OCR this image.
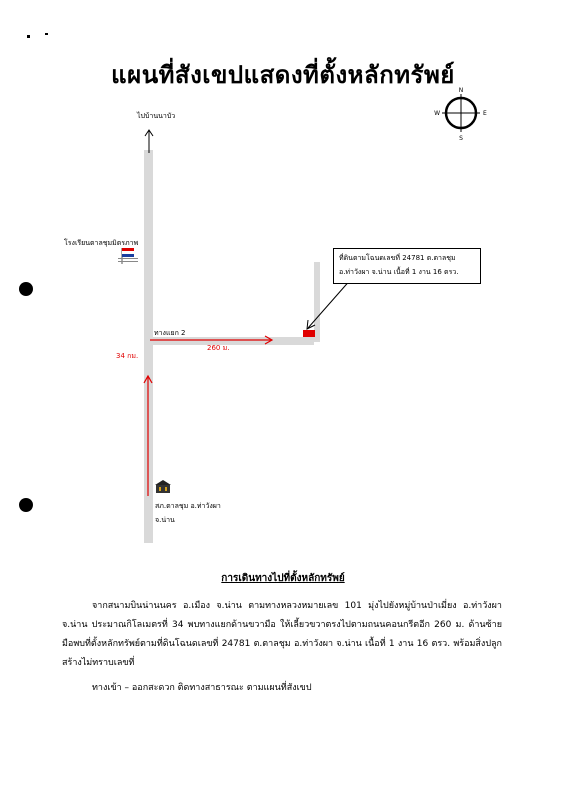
แผนที่สังเขปแสดงที่ตั้งหลักทรัพย์
N
S
E
W
ไปบ้านนาบัว
โรงเรียนตาลชุมมิตรภาพ
ทางแยก 2
260 ม.
34 กม.
ที่ดินตามโฉนดเลขที่ 24781 ต.ตาลชุม
อ.ท่าวังผา จ.น่าน เนื้อที่ 1 งาน 16 ตรว.
สภ.ตาลชุม อ.ท่าวังผา
จ.น่าน
การเดินทางไปที่ตั้งหลักทรัพย์

จากสนามบินน่านนคร อ.เมือง จ.น่าน ตามทางหลวงหมายเลข 101 มุ่งไปยังหมู่บ้านป่าเมี่ยง อ.ท่าวังผา จ.น่าน ประมาณกิโลเมตรที่ 34 พบทางแยกด้านขวามือ ให้เลี้ยวขวาตรงไปตามถนนคอนกรีตอีก 260 ม. ด้านซ้ายมือพบที่ตั้งหลักทรัพย์ตามที่ดินโฉนดเลขที่ 24781 ต.ตาลชุม อ.ท่าวังผา จ.น่าน เนื้อที่ 1 งาน 16 ตรว. พร้อมสิ่งปลูกสร้างไม่ทราบเลขที่

ทางเข้า – ออกสะดวก ติดทางสาธารณะ ตามแผนที่สังเขป
